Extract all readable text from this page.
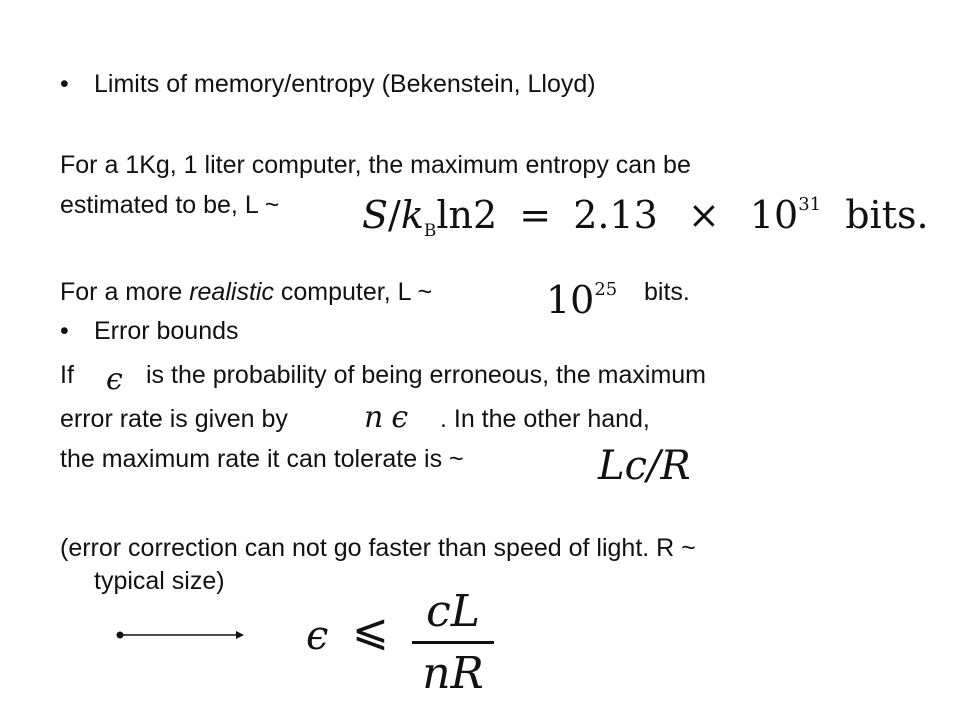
• Limits of memory/entropy (Bekenstein, Lloyd)
For a 1Kg, 1 liter computer, the maximum entropy can be
estimated to be, L ~ $S/k_B\ln 2 = 2.13 \times 10^{31}$ bits.
For a more realistic computer, L ~	$10^{25}$ bits.
• Error bounds
If ϵ is the probability of being erroneous, the maximum
error rate is given by	n ϵ . In the other hand,
the maximum rate it can tolerate is ~	Lc/R
(error correction can not go faster than speed of light. R ~
typical size)
ϵ ⩽ cL
nR
